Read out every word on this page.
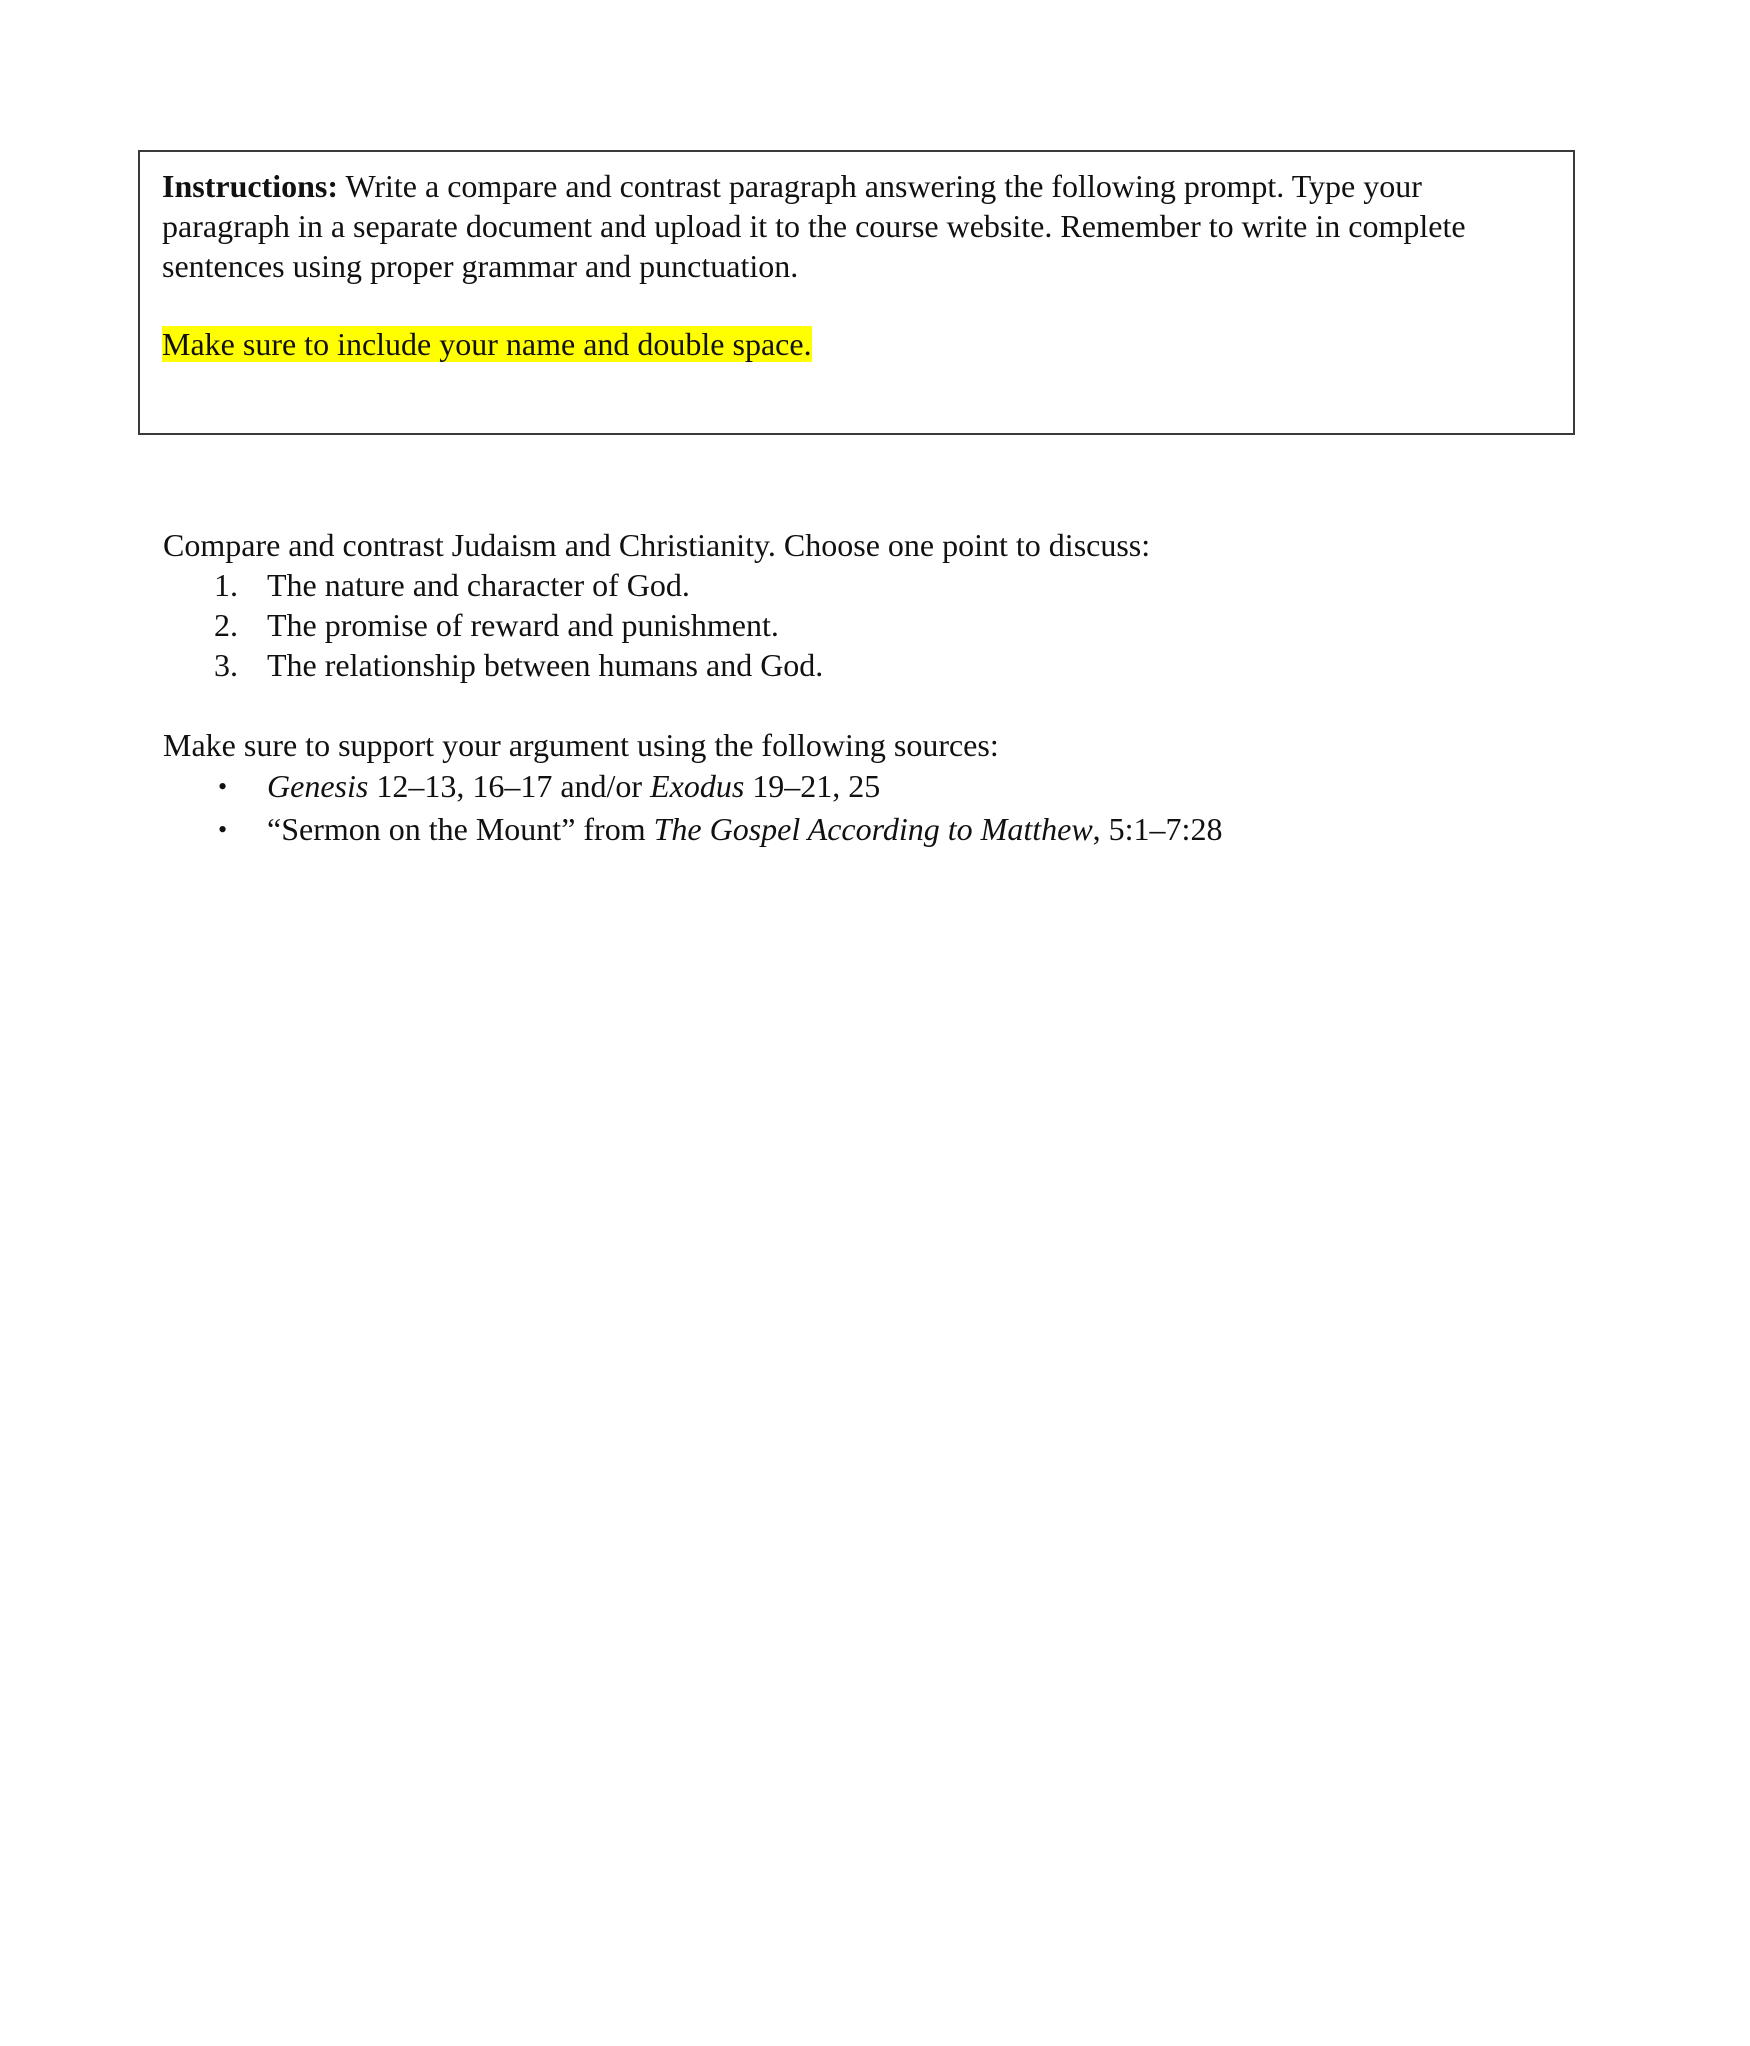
Instructions: Write a compare and contrast paragraph answering the following prompt. Type your paragraph in a separate document and upload it to the course website. Remember to write in complete sentences using proper grammar and punctuation.

Make sure to include your name and double space.

Compare and contrast Judaism and Christianity. Choose one point to discuss:

1. The nature and character of God.
2. The promise of reward and punishment.
3. The relationship between humans and God.

Make sure to support your argument using the following sources:

• Genesis 12–13, 16–17 and/or Exodus 19–21, 25
• “Sermon on the Mount” from The Gospel According to Matthew, 5:1–7:28
